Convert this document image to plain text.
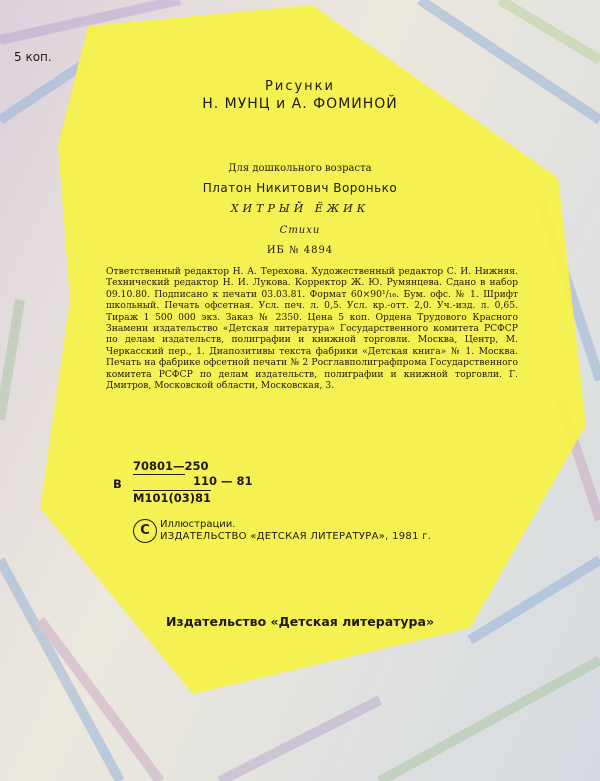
5 коп.
Рисунки
Н. МУНЦ и А. ФОМИНОЙ
Для дошкольного возраста
Платон Никитович Воронько
ХИТРЫЙ ЁЖИК
Стихи
ИБ № 4894
Ответственный редактор Н. А. Терехова. Художественный редактор С. И. Нижняя. Технический редактор Н. И. Лукова. Корректор Ж. Ю. Румянцева. Сдано в набор 09.10.80. Подписано к печати 03.03.81. Формат 60×90¹/₁₆. Бум. офс. № 1. Шрифт школьный. Печать офсетная. Усл. печ. л. 0,5. Усл. кр.-отт. 2,0. Уч.-изд. л. 0,65. Тираж 1 500 000 экз. Заказ № 2350. Цена 5 коп. Ордена Трудового Красного Знамени издательство «Детская литература» Государственного комитета РСФСР по делам издательств, полиграфии и книжной торговли. Москва, Центр, М. Черкасский пер., 1. Диапозитивы текста фабрики «Детская книга» № 1. Москва. Печать на фабрике офсетной печати № 2 Росглавполиграфпрома Государственного комитета РСФСР по делам издательств, полиграфии и книжной торговли. Г. Дмитров, Московской области, Московская, 3.
70801—250
В
М101(03)81
110 — 81
C	Иллюстрации.
ИЗДАТЕЛЬСТВО «ДЕТСКАЯ ЛИТЕРАТУРА», 1981 г.
Издательство «Детская литература»
